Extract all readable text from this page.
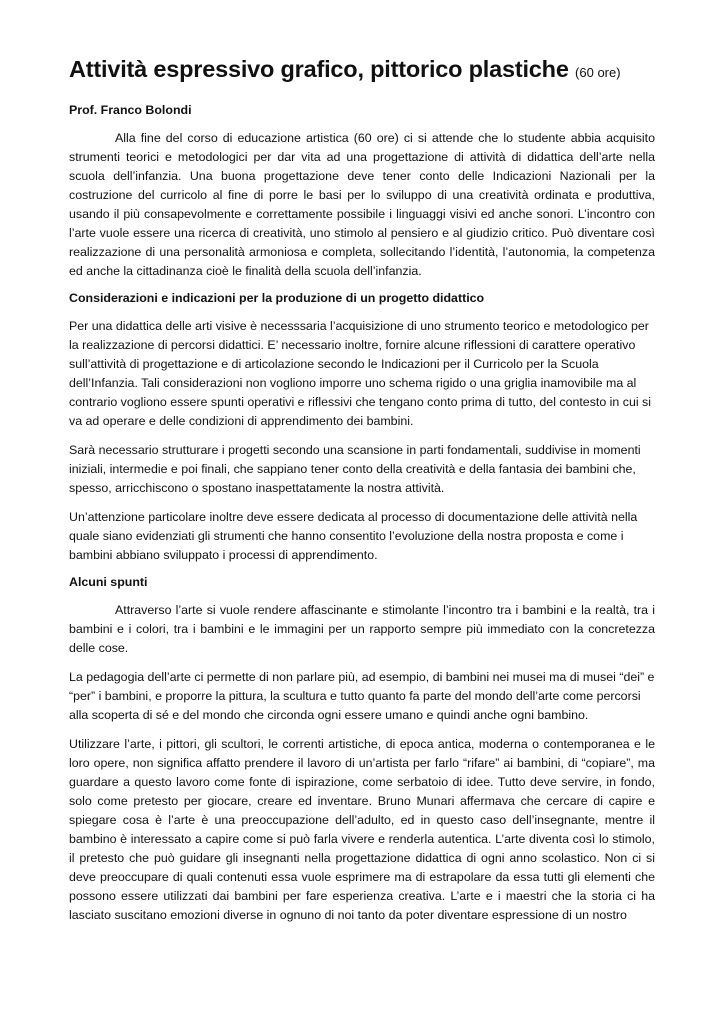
Attività espressivo grafico, pittorico plastiche (60 ore)
Prof. Franco Bolondi

Alla fine del corso di educazione artistica (60 ore) ci si attende che lo studente abbia acquisito strumenti teorici e metodologici per dar vita ad una progettazione di attività di didattica dell’arte nella scuola dell’infanzia. Una buona progettazione deve tener conto delle Indicazioni Nazionali per la costruzione del curricolo al fine di porre le basi per lo sviluppo di una creatività ordinata e produttiva, usando il più consapevolmente e correttamente possibile i linguaggi visivi ed anche sonori. L’incontro con l’arte vuole essere una ricerca di creatività, uno stimolo al pensiero e al giudizio critico. Può diventare così realizzazione di una personalità armoniosa e completa, sollecitando l’identità, l’autonomia, la competenza ed anche la cittadinanza cioè le finalità della scuola dell’infanzia.

Considerazioni e indicazioni per la produzione di un progetto didattico

Per una didattica delle arti visive è necesssaria l’acquisizione di uno strumento teorico e metodologico per la realizzazione di percorsi didattici. E’ necessario inoltre, fornire alcune riflessioni di carattere operativo sull’attività di progettazione e di articolazione secondo le Indicazioni per il Curricolo per la Scuola dell’Infanzia. Tali considerazioni non vogliono imporre uno schema rigido o una griglia inamovibile ma al contrario vogliono essere spunti operativi e riflessivi che tengano conto prima di tutto, del contesto in cui si va ad operare e delle condizioni di apprendimento dei bambini.

Sarà necessario strutturare i progetti secondo una scansione in parti fondamentali, suddivise in momenti iniziali, intermedie e poi finali, che sappiano tener conto della creatività e della fantasia dei bambini che, spesso, arricchiscono o spostano inaspettatamente la nostra attività.

Un’attenzione particolare inoltre deve essere dedicata al processo di documentazione delle attività nella quale siano evidenziati gli strumenti che hanno consentito l’evoluzione della nostra proposta e come i bambini abbiano sviluppato i processi di apprendimento.

Alcuni spunti

Attraverso l’arte si vuole rendere affascinante e stimolante l’incontro tra i bambini e la realtà, tra i bambini e i colori, tra i bambini e le immagini per un rapporto sempre più immediato con la concretezza delle cose.

La pedagogia dell’arte ci permette di non parlare più, ad esempio, di bambini nei musei ma di musei “dei” e “per” i bambini, e proporre la pittura, la scultura e tutto quanto fa parte del mondo dell’arte come percorsi alla scoperta di sé e del mondo che circonda ogni essere umano e quindi anche ogni bambino.

Utilizzare l’arte, i pittori, gli scultori, le correnti artistiche, di epoca antica, moderna o contemporanea e le loro opere, non significa affatto prendere il lavoro di un’artista per farlo “rifare” ai bambini, di “copiare”, ma guardare a questo lavoro come fonte di ispirazione, come serbatoio di idee. Tutto deve servire, in fondo, solo come pretesto per giocare, creare ed inventare. Bruno Munari affermava che cercare di capire e spiegare cosa è l’arte è una preoccupazione dell’adulto, ed in questo caso dell’insegnante, mentre il bambino è interessato a capire come si può farla vivere e renderla autentica. L’arte diventa così lo stimolo, il pretesto che può guidare gli insegnanti nella progettazione didattica di ogni anno scolastico. Non ci si deve preoccupare di quali contenuti essa vuole esprimere ma di estrapolare da essa tutti gli elementi che possono essere utilizzati dai bambini per fare esperienza creativa. L’arte e i maestri che la storia ci ha lasciato suscitano emozioni diverse in ognuno di noi tanto da poter diventare espressione di un nostro
